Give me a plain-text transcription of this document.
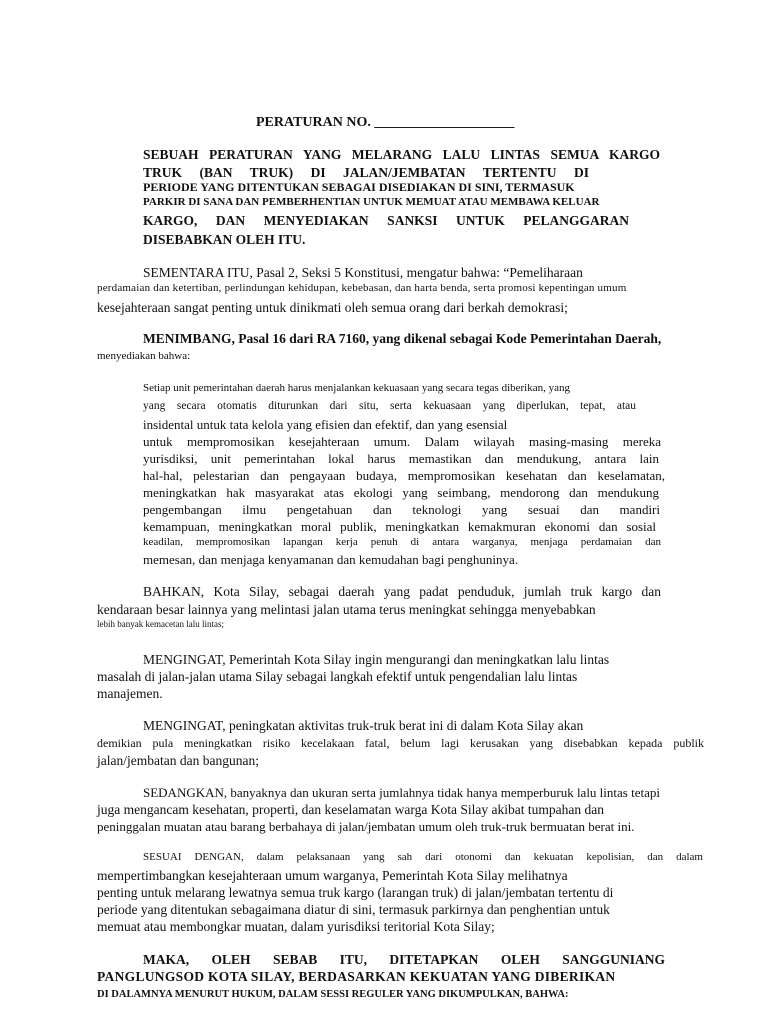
PERATURAN NO. ____________________
SEBUAH PERATURAN YANG MELARANG LALU LINTAS SEMUA KARGO
TRUK (BAN TRUK) DI JALAN/JEMBATAN TERTENTU DI
PERIODE YANG DITENTUKAN SEBAGAI DISEDIAKAN DI SINI, TERMASUK
PARKIR DI SANA DAN PEMBERHENTIAN UNTUK MEMUAT ATAU MEMBAWA KELUAR
KARGO, DAN MENYEDIAKAN SANKSI UNTUK PELANGGARAN
DISEBABKAN OLEH ITU.
SEMENTARA ITU, Pasal 2, Seksi 5 Konstitusi, mengatur bahwa: “Pemeliharaan
perdamaian dan ketertiban, perlindungan kehidupan, kebebasan, dan harta benda, serta promosi kepentingan umum
kesejahteraan sangat penting untuk dinikmati oleh semua orang dari berkah demokrasi;
MENIMBANG, Pasal 16 dari RA 7160, yang dikenal sebagai Kode Pemerintahan Daerah,
menyediakan bahwa:
Setiap unit pemerintahan daerah harus menjalankan kekuasaan yang secara tegas diberikan, yang
yang secara otomatis diturunkan dari situ, serta kekuasaan yang diperlukan, tepat, atau
insidental untuk tata kelola yang efisien dan efektif, dan yang esensial
untuk mempromosikan kesejahteraan umum. Dalam wilayah masing-masing mereka
yurisdiksi, unit pemerintahan lokal harus memastikan dan mendukung, antara lain
hal-hal, pelestarian dan pengayaan budaya, mempromosikan kesehatan dan keselamatan,
meningkatkan hak masyarakat atas ekologi yang seimbang, mendorong dan mendukung
pengembangan ilmu pengetahuan dan teknologi yang sesuai dan mandiri
kemampuan, meningkatkan moral publik, meningkatkan kemakmuran ekonomi dan sosial
keadilan, mempromosikan lapangan kerja penuh di antara warganya, menjaga perdamaian dan
memesan, dan menjaga kenyamanan dan kemudahan bagi penghuninya.
BAHKAN, Kota Silay, sebagai daerah yang padat penduduk, jumlah truk kargo dan
kendaraan besar lainnya yang melintasi jalan utama terus meningkat sehingga menyebabkan
lebih banyak kemacetan lalu lintas;
MENGINGAT, Pemerintah Kota Silay ingin mengurangi dan meningkatkan lalu lintas
masalah di jalan-jalan utama Silay sebagai langkah efektif untuk pengendalian lalu lintas
manajemen.
MENGINGAT, peningkatan aktivitas truk-truk berat ini di dalam Kota Silay akan
demikian pula meningkatkan risiko kecelakaan fatal, belum lagi kerusakan yang disebabkan kepada publik
jalan/jembatan dan bangunan;
SEDANGKAN, banyaknya dan ukuran serta jumlahnya tidak hanya memperburuk lalu lintas tetapi
juga mengancam kesehatan, properti, dan keselamatan warga Kota Silay akibat tumpahan dan
peninggalan muatan atau barang berbahaya di jalan/jembatan umum oleh truk-truk bermuatan berat ini.
SESUAI DENGAN, dalam pelaksanaan yang sah dari otonomi dan kekuatan kepolisian, dan dalam
mempertimbangkan kesejahteraan umum warganya, Pemerintah Kota Silay melihatnya
penting untuk melarang lewatnya semua truk kargo (larangan truk) di jalan/jembatan tertentu di
periode yang ditentukan sebagaimana diatur di sini, termasuk parkirnya dan penghentian untuk
memuat atau membongkar muatan, dalam yurisdiksi teritorial Kota Silay;
MAKA, OLEH SEBAB ITU, DITETAPKAN OLEH SANGGUNIANG
PANGLUNGSOD KOTA SILAY, BERDASARKAN KEKUATAN YANG DIBERIKAN
DI DALAMNYA MENURUT HUKUM, DALAM SESSI REGULER YANG DIKUMPULKAN, BAHWA:
